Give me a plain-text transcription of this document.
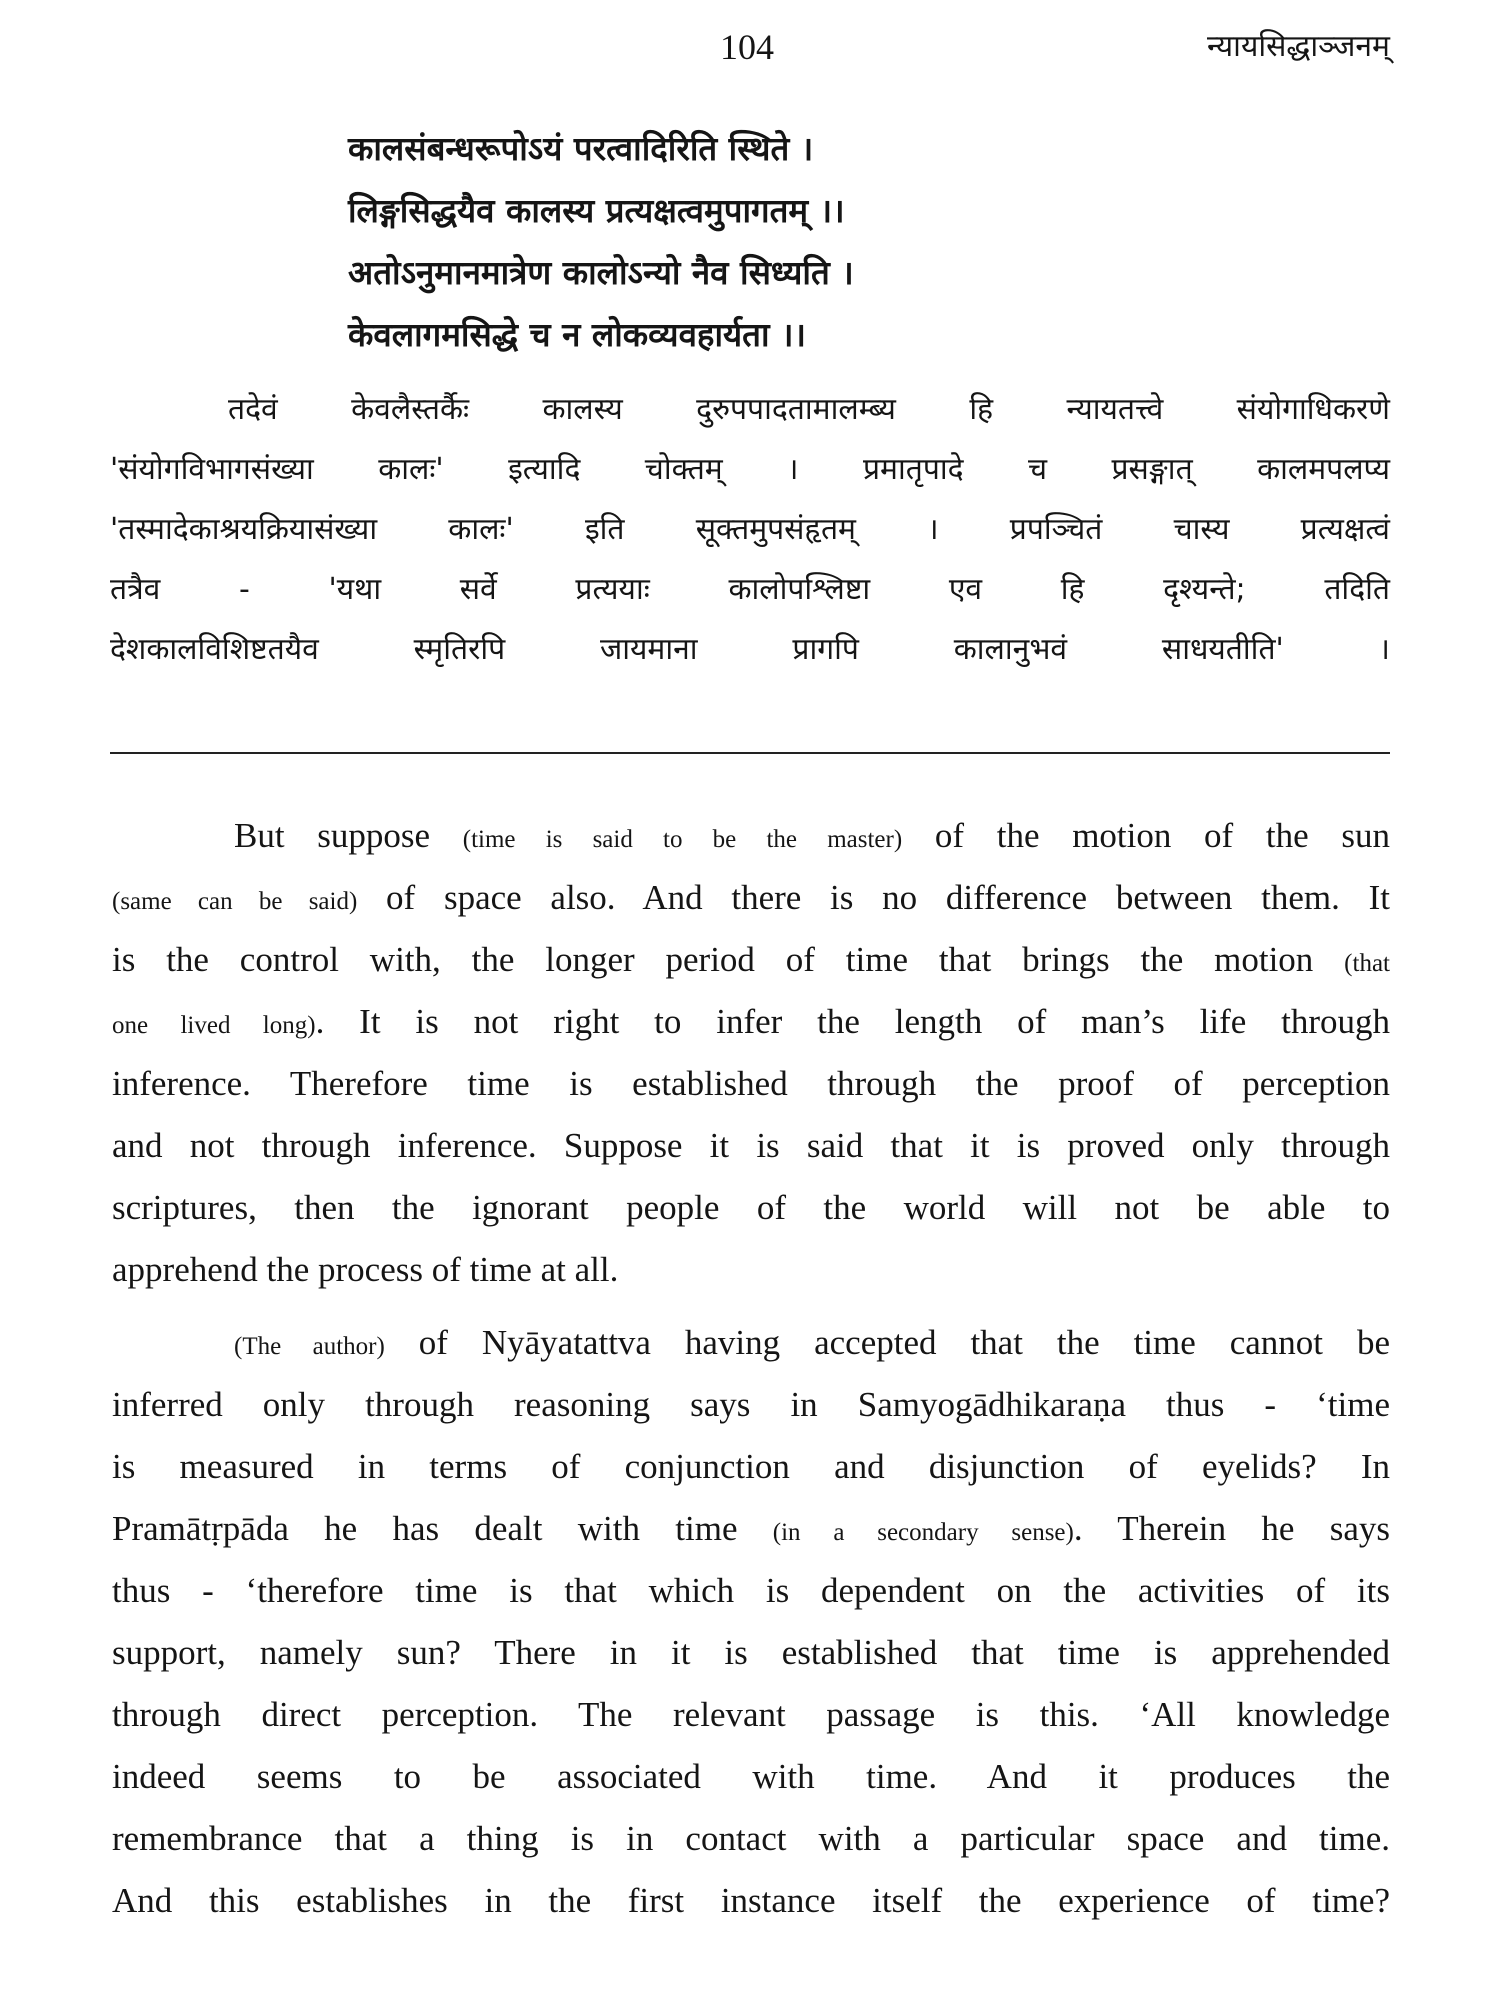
104	न्यायसिद्धाञ्जनम्
कालसंबन्धरूपोऽयं परत्वादिरिति स्थिते ।
लिङ्गसिद्धयैव कालस्य प्रत्यक्षत्वमुपागतम् ।।
अतोऽनुमानमात्रेण कालोऽन्यो नैव सिध्यति ।
केवलागमसिद्धे च न लोकव्यवहार्यता ।।
तदेवं केवलैस्तर्कैः कालस्य दुरुपपादतामालम्ब्य हि न्यायतत्त्वे संयोगाधिकरणे
'संयोगविभागसंख्या कालः' इत्यादि चोक्तम् । प्रमातृपादे च प्रसङ्गात् कालमपलप्य
'तस्मादेकाश्रयक्रियासंख्या कालः' इति सूक्तमुपसंहृतम् । प्रपञ्चितं चास्य प्रत्यक्षत्वं
तत्रैव - 'यथा सर्वे प्रत्ययाः कालोपश्लिष्टा एव हि दृश्यन्ते; तदिति
देशकालविशिष्टतयैव स्मृतिरपि जायमाना प्रागपि कालानुभवं साधयतीति' ।
But suppose (time is said to be the master) of the motion of the sun
(same can be said) of space also. And there is no difference between them. It
is the control with, the longer period of time that brings the motion (that
one lived long). It is not right to infer the length of man’s life through
inference. Therefore time is established through the proof of perception
and not through inference. Suppose it is said that it is proved only through
scriptures, then the ignorant people of the world will not be able to
apprehend the process of time at all.
(The author) of Nyāyatattva having accepted that the time cannot be
inferred only through reasoning says in Samyogādhikaraṇa thus - ‘time
is measured in terms of conjunction and disjunction of eyelids? In
Pramātṛpāda he has dealt with time (in a secondary sense). Therein he says
thus - ‘therefore time is that which is dependent on the activities of its
support, namely sun? There in it is established that time is apprehended
through direct perception. The relevant passage is this. ‘All knowledge
indeed seems to be associated with time. And it produces the
remembrance that a thing is in contact with a particular space and time.
And this establishes in the first instance itself the experience of time?
